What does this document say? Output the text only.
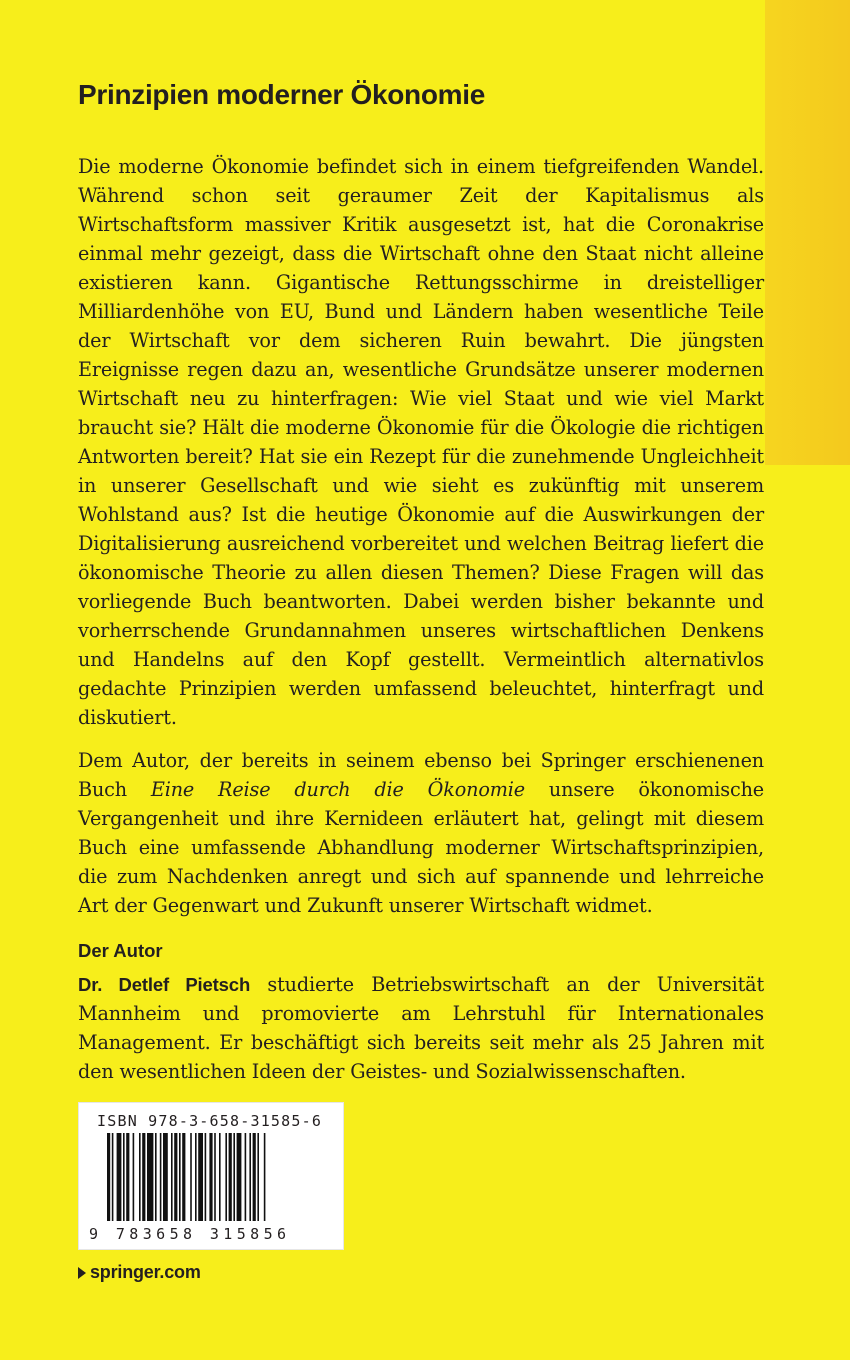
Prinzipien moderner Ökonomie

Die moderne Ökonomie befindet sich in einem tiefgreifenden Wandel. Während schon seit geraumer Zeit der Kapitalismus als Wirtschaftsform massiver Kritik ausgesetzt ist, hat die Coronakrise einmal mehr gezeigt, dass die Wirtschaft ohne den Staat nicht alleine existieren kann. Gigantische Rettungsschirme in dreistelliger Milliardenhöhe von EU, Bund und Ländern haben wesentliche Teile der Wirtschaft vor dem sicheren Ruin bewahrt. Die jüngsten Ereignisse regen dazu an, wesentliche Grundsätze unserer modernen Wirtschaft neu zu hinterfragen: Wie viel Staat und wie viel Markt braucht sie? Hält die moderne Ökonomie für die Ökologie die richtigen Antworten bereit? Hat sie ein Rezept für die zunehmende Ungleichheit in unserer Gesellschaft und wie sieht es zukünftig mit unserem Wohlstand aus? Ist die heutige Ökonomie auf die Auswirkungen der Digitalisierung ausreichend vorbereitet und welchen Beitrag liefert die ökonomische Theorie zu allen diesen Themen? Diese Fragen will das vorliegende Buch beantworten. Dabei werden bisher bekannte und vorherrschende Grundannahmen unseres wirtschaftlichen Denkens und Handelns auf den Kopf gestellt. Vermeintlich alternativlos gedachte Prinzipien werden umfassend beleuchtet, hinterfragt und diskutiert.

Dem Autor, der bereits in seinem ebenso bei Springer erschienenen Buch Eine Reise durch die Ökonomie unsere ökonomische Vergangenheit und ihre Kernideen erläutert hat, gelingt mit diesem Buch eine umfassende Abhandlung moderner Wirtschaftsprinzipien, die zum Nachdenken anregt und sich auf spannende und lehrreiche Art der Gegenwart und Zukunft unserer Wirtschaft widmet.

Der Autor

Dr. Detlef Pietsch studierte Betriebswirtschaft an der Universität Mannheim und promovierte am Lehrstuhl für Internationales Management. Er beschäftigt sich bereits seit mehr als 25 Jahren mit den wesentlichen Ideen der Geistes- und Sozialwissenschaften.

ISBN 978-3-658-31585-6
9 783658 315856
springer.com
